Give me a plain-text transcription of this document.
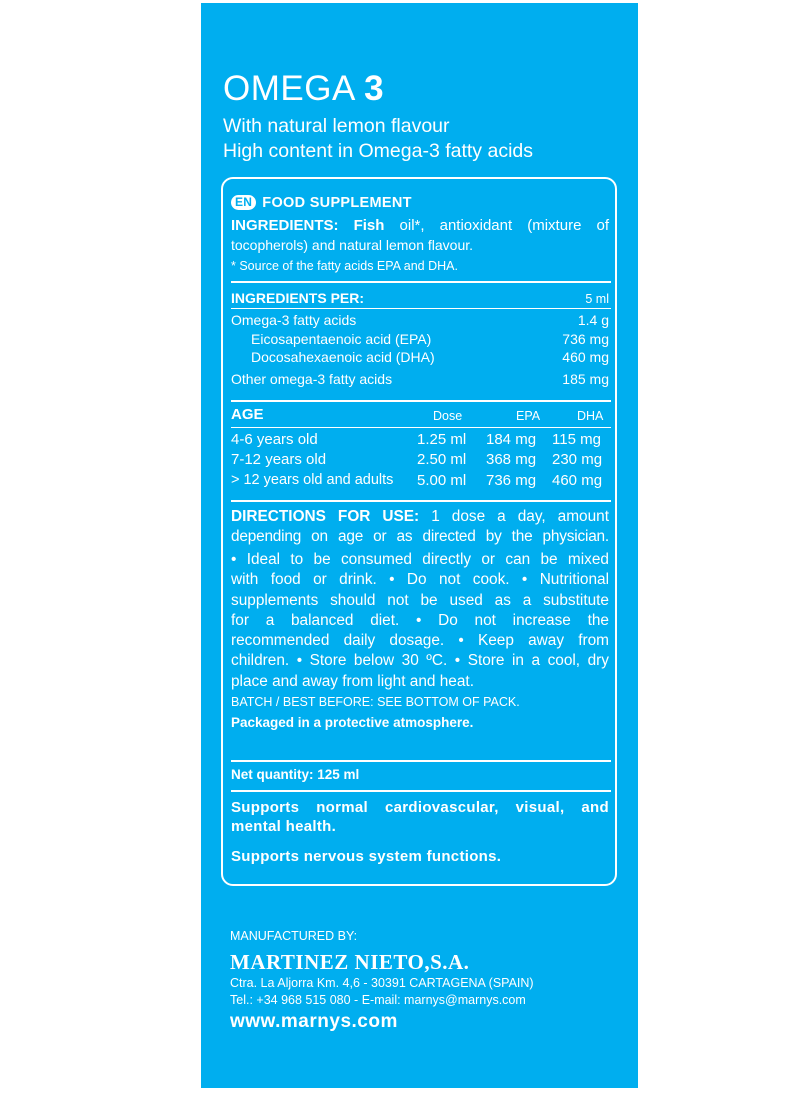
OMEGA 3
With natural lemon flavour
High content in Omega-3 fatty acids
EN FOOD SUPPLEMENT
INGREDIENTS: Fish oil*, antioxidant (mixture of
tocopherols) and natural lemon flavour.
* Source of the fatty acids EPA and DHA.
INGREDIENTS PER:	5 ml
Omega-3 fatty acids	1.4 g
Eicosapentaenoic acid (EPA)	736 mg
Docosahexaenoic acid (DHA)	460 mg
Other omega-3 fatty acids	185 mg
AGE	Dose	EPA	DHA
4-6 years old	1.25 ml 184 mg 115 mg
7-12 years old	2.50 ml 368 mg 230 mg
> 12 years old and adults 5.00 ml 736 mg 460 mg
DIRECTIONS FOR USE: 1 dose a day, amount
depending on age or as directed by the physician.
• Ideal to be consumed directly or can be mixed
with food or drink. • Do not cook. • Nutritional
supplements should not be used as a substitute
for a balanced diet. • Do not increase the
recommended daily dosage. • Keep away from
children. • Store below 30 ºC. • Store in a cool, dry
place and away from light and heat.
BATCH / BEST BEFORE: SEE BOTTOM OF PACK.
Packaged in a protective atmosphere.
Net quantity: 125 ml
Supports normal cardiovascular, visual, and
mental health.
Supports nervous system functions.
MANUFACTURED BY:
MARTINEZ NIETO,S.A.
Ctra. La Aljorra Km. 4,6 - 30391 CARTAGENA (SPAIN)
Tel.: +34 968 515 080 - E-mail: marnys@marnys.com
www.marnys.com
